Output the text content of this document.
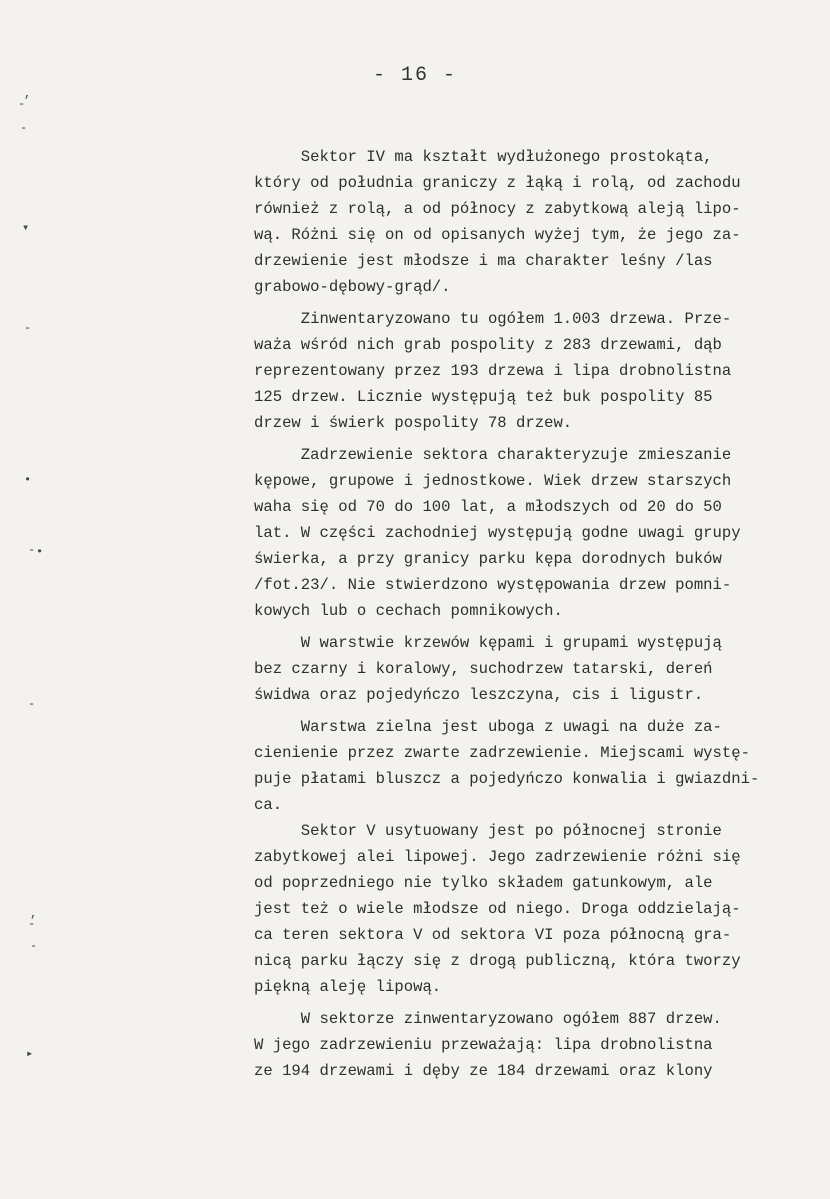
- 16 -
,
-
-
▾
-
•
- •
-
,
-
-
▸
Sektor IV ma kształt wydłużonego prostokąta,
który od południa graniczy z łąką i rolą, od zachodu
również z rolą, a od północy z zabytkową aleją lipo-
wą. Różni się on od opisanych wyżej tym, że jego za-
drzewienie jest młodsze i ma charakter leśny /las
grabowo-dębowy-grąd/.
Zinwentaryzowano tu ogółem 1.003 drzewa. Prze-
waża wśród nich grab pospolity z 283 drzewami, dąb
reprezentowany przez 193 drzewa i lipa drobnolistna
125 drzew. Licznie występują też buk pospolity 85
drzew i świerk pospolity 78 drzew.
Zadrzewienie sektora charakteryzuje zmieszanie
kępowe, grupowe i jednostkowe. Wiek drzew starszych
waha się od 70 do 100 lat, a młodszych od 20 do 50
lat. W części zachodniej występują godne uwagi grupy
świerka, a przy granicy parku kępa dorodnych buków
/fot.23/. Nie stwierdzono występowania drzew pomni-
kowych lub o cechach pomnikowych.
W warstwie krzewów kępami i grupami występują
bez czarny i koralowy, suchodrzew tatarski, dereń
świdwa oraz pojedyńczo leszczyna, cis i ligustr.
Warstwa zielna jest uboga z uwagi na duże za-
cienienie przez zwarte zadrzewienie. Miejscami wystę-
puje płatami bluszcz a pojedyńczo konwalia i gwiazdni-
ca.
Sektor V usytuowany jest po północnej stronie
zabytkowej alei lipowej. Jego zadrzewienie różni się
od poprzedniego nie tylko składem gatunkowym, ale
jest też o wiele młodsze od niego. Droga oddzielają-
ca teren sektora V od sektora VI poza północną gra-
nicą parku łączy się z drogą publiczną, która tworzy
piękną aleję lipową.
W sektorze zinwentaryzowano ogółem 887 drzew.
W jego zadrzewieniu przeważają: lipa drobnolistna
ze 194 drzewami i dęby ze 184 drzewami oraz klony
